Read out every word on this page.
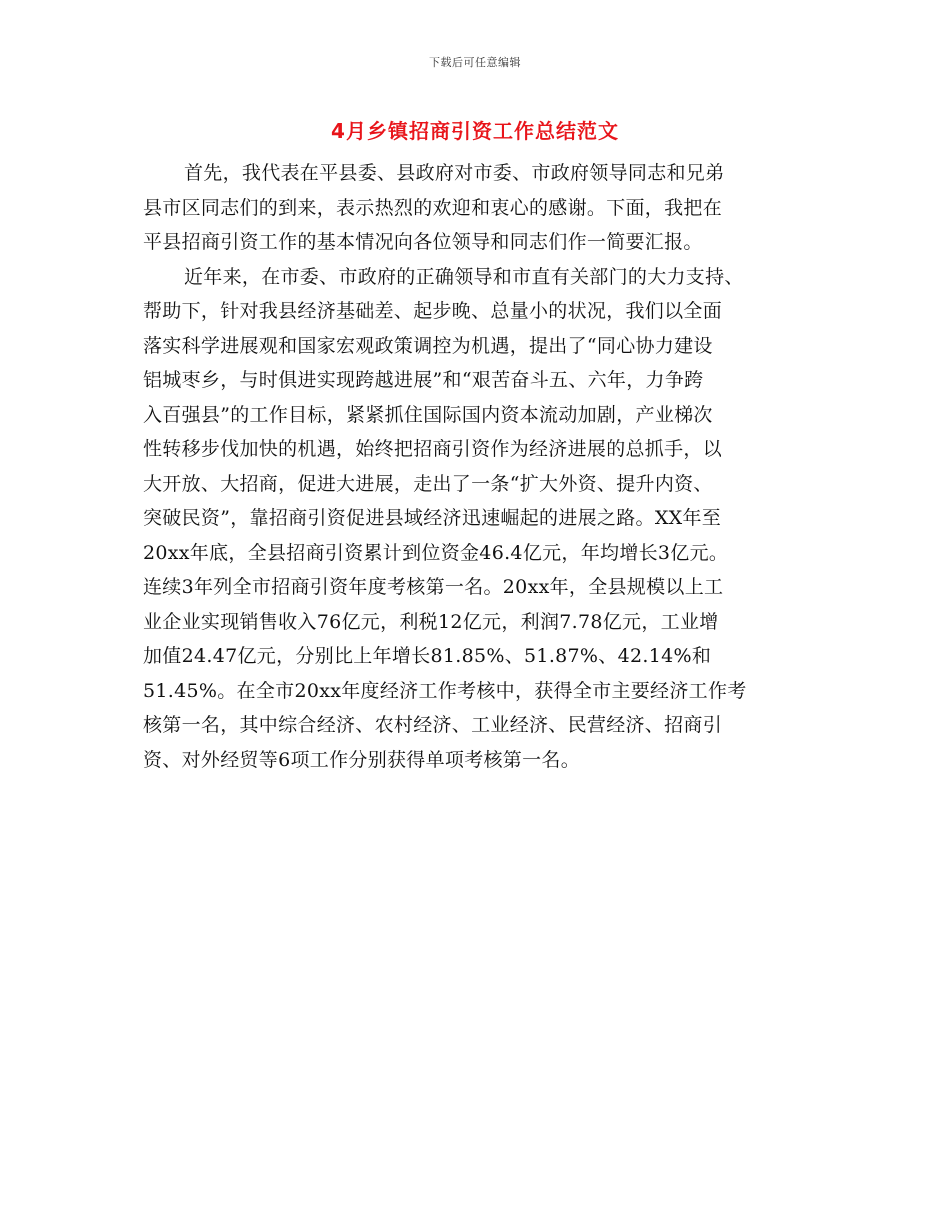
下载后可任意编辑
4月乡镇招商引资工作总结范文
首先，我代表在平县委、县政府对市委、市政府领导同志和兄弟
县市区同志们的到来，表示热烈的欢迎和衷心的感谢。下面，我把在
平县招商引资工作的基本情况向各位领导和同志们作一简要汇报。
近年来，在市委、市政府的正确领导和市直有关部门的大力支持、
帮助下，针对我县经济基础差、起步晚、总量小的状况，我们以全面
落实科学进展观和国家宏观政策调控为机遇，提出了“同心协力建设
铝城枣乡，与时俱进实现跨越进展”和“艰苦奋斗五、六年，力争跨
入百强县”的工作目标，紧紧抓住国际国内资本流动加剧，产业梯次
性转移步伐加快的机遇，始终把招商引资作为经济进展的总抓手，以
大开放、大招商，促进大进展，走出了一条“扩大外资、提升内资、
突破民资”，靠招商引资促进县域经济迅速崛起的进展之路。XX年至
20xx年底，全县招商引资累计到位资金46.4亿元，年均增长3亿元。
连续3年列全市招商引资年度考核第一名。20xx年，全县规模以上工
业企业实现销售收入76亿元，利税12亿元，利润7.78亿元，工业增
加值24.47亿元，分别比上年增长81.85%、51.87%、42.14%和
51.45%。在全市20xx年度经济工作考核中，获得全市主要经济工作考
核第一名，其中综合经济、农村经济、工业经济、民营经济、招商引
资、对外经贸等6项工作分别获得单项考核第一名。
